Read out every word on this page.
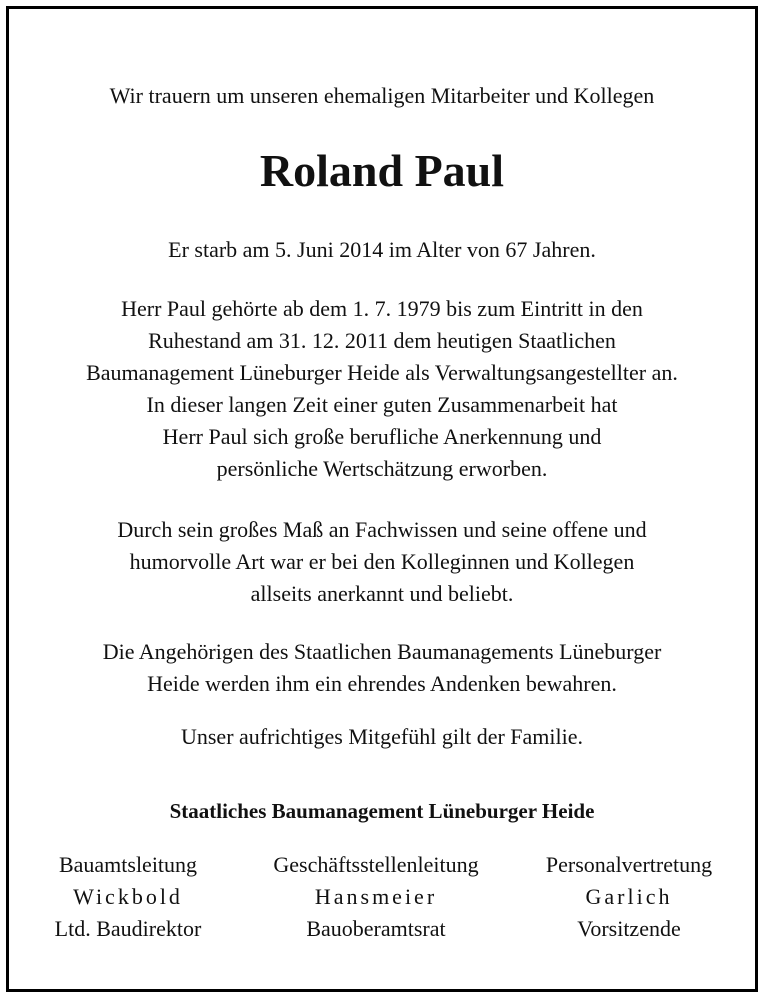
Wir trauern um unseren ehemaligen Mitarbeiter und Kollegen
Roland Paul
Er starb am 5. Juni 2014 im Alter von 67 Jahren.
Herr Paul gehörte ab dem 1. 7. 1979 bis zum Eintritt in den
Ruhestand am 31. 12. 2011 dem heutigen Staatlichen
Baumanagement Lüneburger Heide als Verwaltungsangestellter an.
In dieser langen Zeit einer guten Zusammenarbeit hat
Herr Paul sich große berufliche Anerkennung und
persönliche Wertschätzung erworben.
Durch sein großes Maß an Fachwissen und seine offene und
humorvolle Art war er bei den Kolleginnen und Kollegen
allseits anerkannt und beliebt.
Die Angehörigen des Staatlichen Baumanagements Lüneburger
Heide werden ihm ein ehrendes Andenken bewahren.
Unser aufrichtiges Mitgefühl gilt der Familie.
Staatliches Baumanagement Lüneburger Heide
Bauamtsleitung	Geschäftsstellenleitung	Personalvertretung
Wickbold	Hansmeier	Garlich
Ltd. Baudirektor	Bauoberamtsrat	Vorsitzende
